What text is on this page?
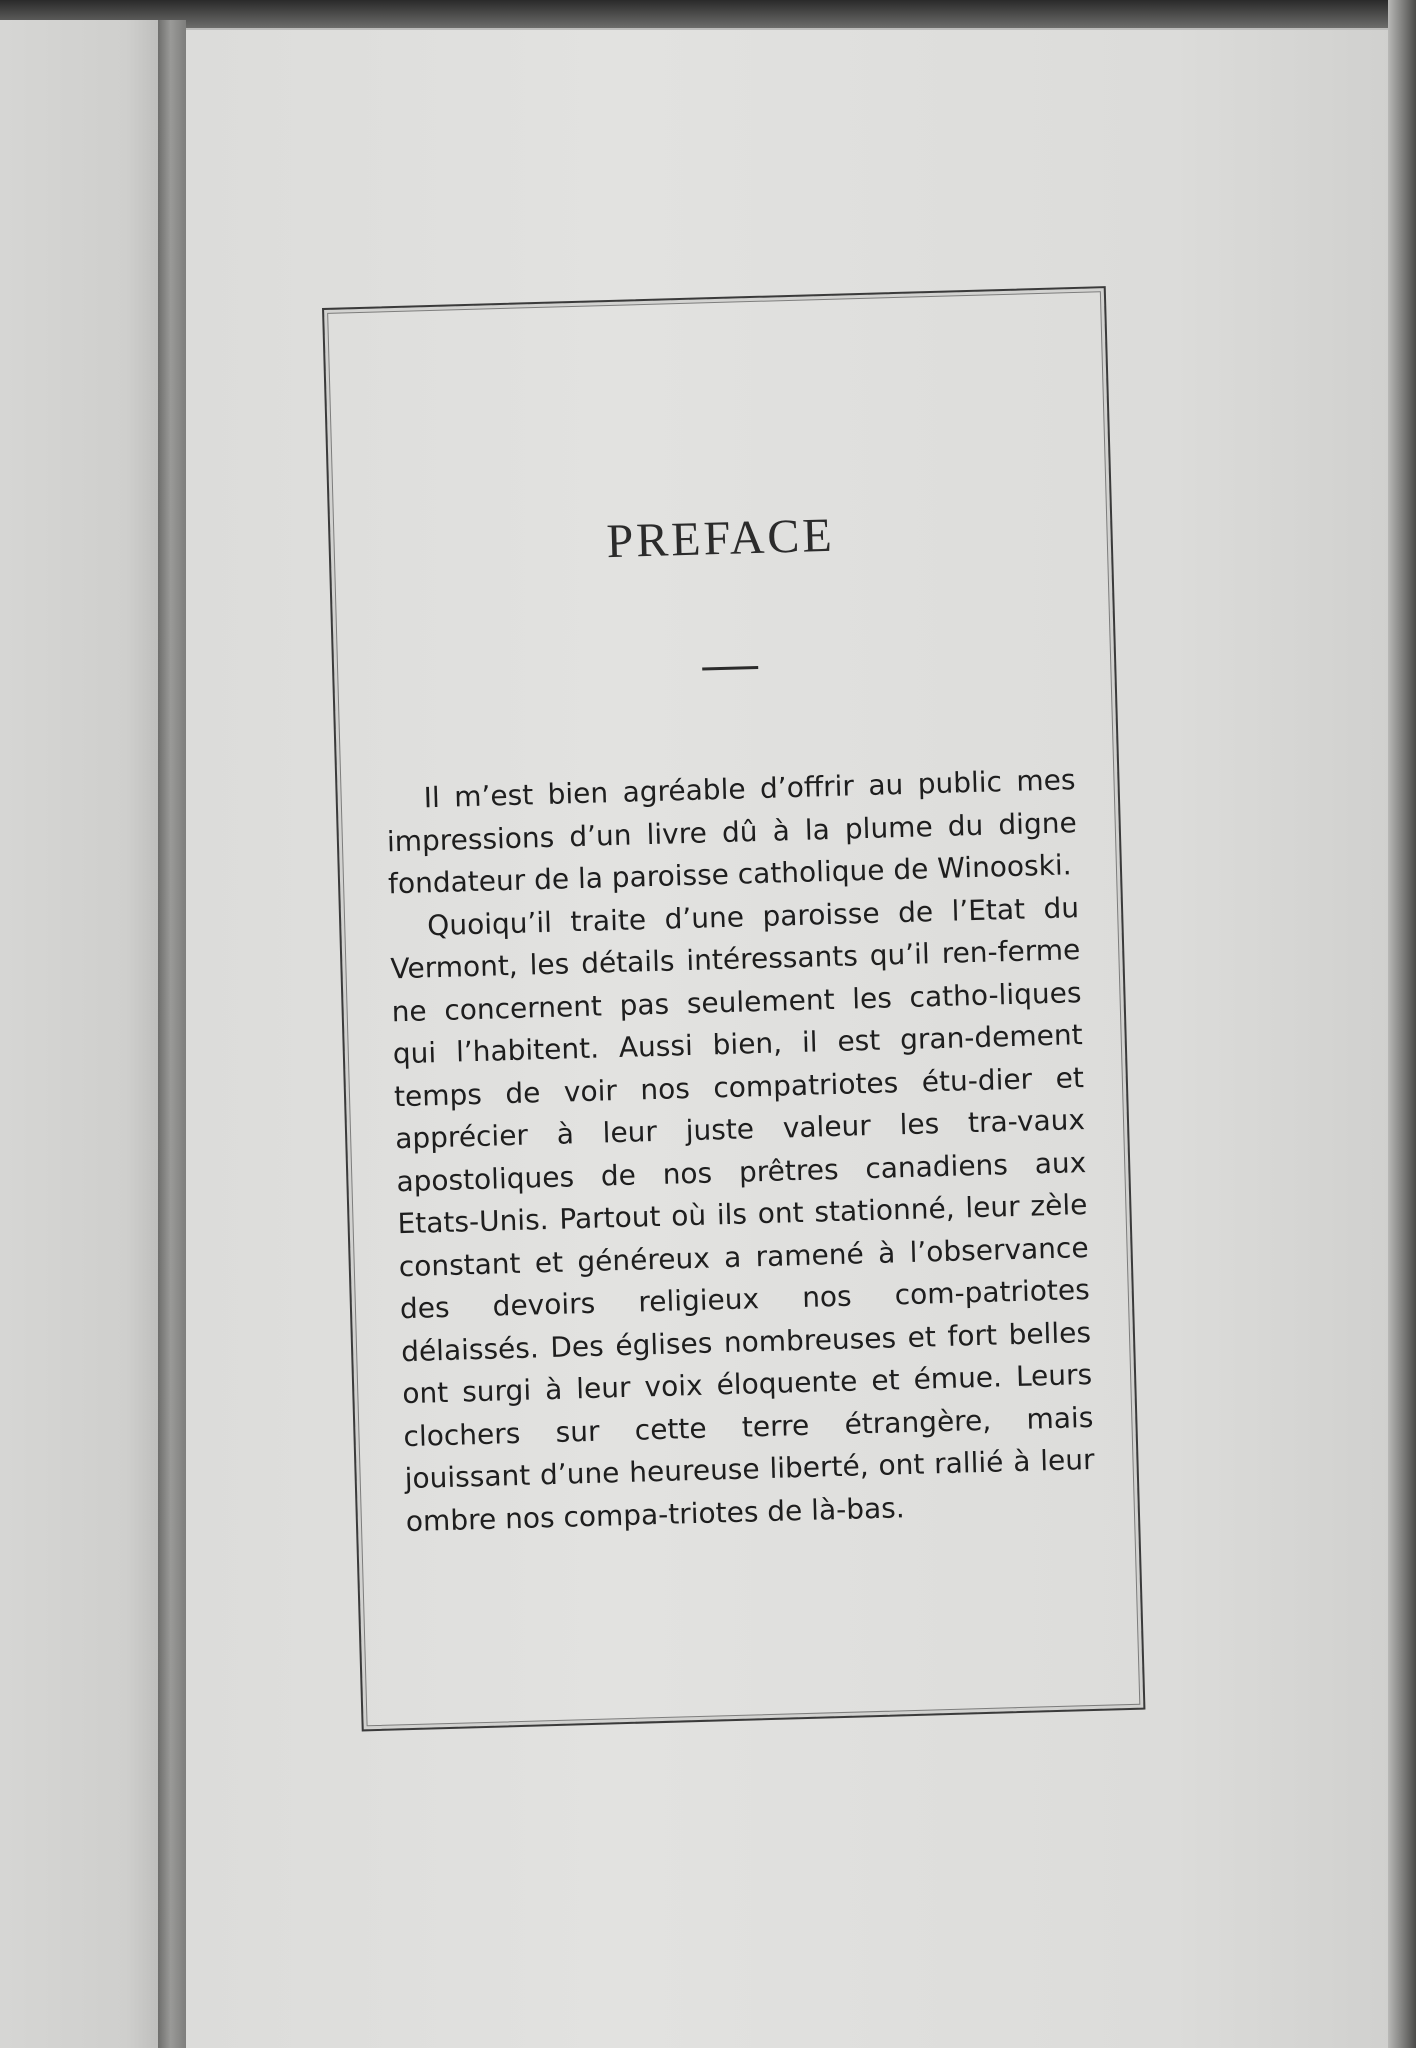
PREFACE

Il m’est bien agréable d’offrir au public mes impressions d’un livre dû à la plume du digne fondateur de la paroisse catholique de Winooski.

Quoiqu’il traite d’une paroisse de l’Etat du Vermont, les détails intéressants qu’il ren-ferme ne concernent pas seulement les catho-liques qui l’habitent. Aussi bien, il est gran-dement temps de voir nos compatriotes étu-dier et apprécier à leur juste valeur les tra-vaux apostoliques de nos prêtres canadiens aux Etats-Unis. Partout où ils ont stationné, leur zèle constant et généreux a ramené à l’observance des devoirs religieux nos com-patriotes délaissés. Des églises nombreuses et fort belles ont surgi à leur voix éloquente et émue. Leurs clochers sur cette terre étrangère, mais jouissant d’une heureuse liberté, ont rallié à leur ombre nos compa-triotes de là-bas.
